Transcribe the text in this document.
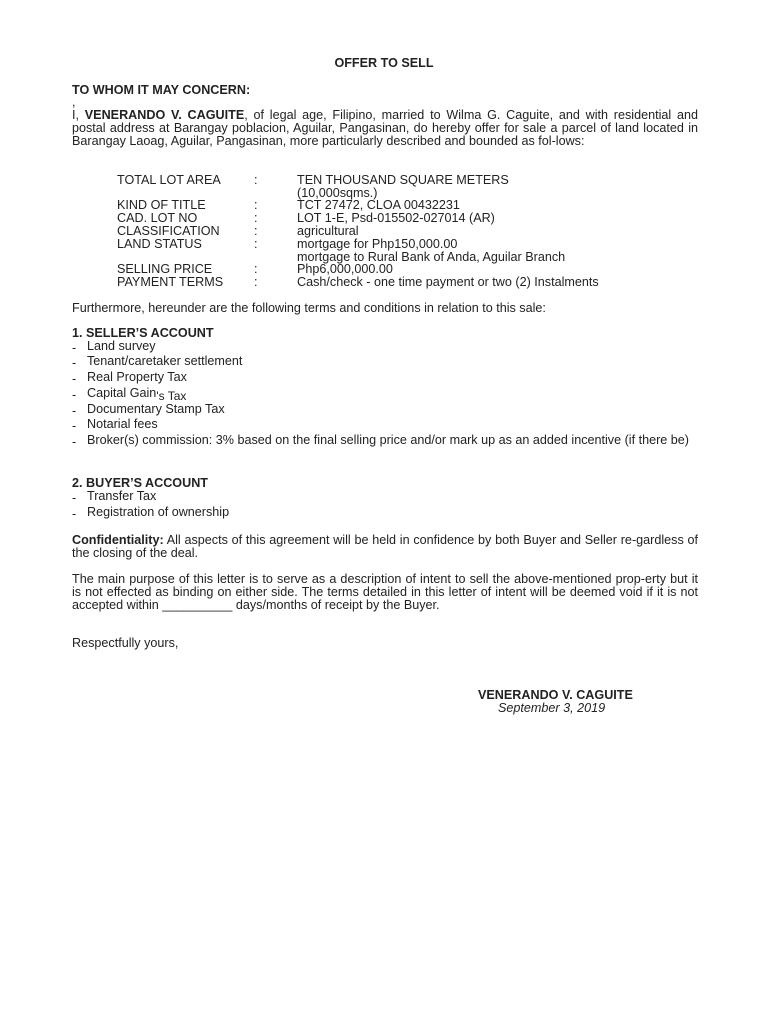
OFFER TO SELL
TO WHOM IT MAY CONCERN:
,
I, VENERANDO V. CAGUITE, of legal age, Filipino, married to Wilma G. Caguite, and with residential and postal address at Barangay poblacion, Aguilar, Pangasinan, do hereby offer for sale a parcel of land located in Barangay Laoag, Aguilar, Pangasinan, more particularly described and bounded as fol-lows:
TOTAL LOT AREA	:	TEN THOUSAND SQUARE METERS
(10,000sqms.)
KIND OF TITLE	:	TCT 27472, CLOA 00432231
CAD. LOT NO	:	LOT 1-E, Psd-015502-027014 (AR)
CLASSIFICATION	:	agricultural
LAND STATUS	:	mortgage for Php150,000.00
mortgage to Rural Bank of Anda, Aguilar Branch
SELLING PRICE	:	Php6,000,000.00
PAYMENT TERMS	:	Cash/check - one time payment or two (2) Instalments
Furthermore, hereunder are the following terms and conditions in relation to this sale:
1. SELLER’S ACCOUNT
- Land survey
- Tenant/caretaker settlement
- Real Property Tax
- Capital Gain$_{'s Tax}$
- Documentary Stamp Tax
- Notarial fees
- Broker(s) commission: 3% based on the final selling price and/or mark up as an added incentive (if there be)
2. BUYER’S ACCOUNT
- Transfer Tax
- Registration of ownership
Confidentiality: All aspects of this agreement will be held in confidence by both Buyer and Seller re-gardless of the closing of the deal.
The main purpose of this letter is to serve as a description of intent to sell the above-mentioned prop-erty but it is not effected as binding on either side. The terms detailed in this letter of intent will be deemed void if it is not accepted within __________ days/months of receipt by the Buyer.
Respectfully yours,
VENERANDO V. CAGUITE
September 3, 2019
